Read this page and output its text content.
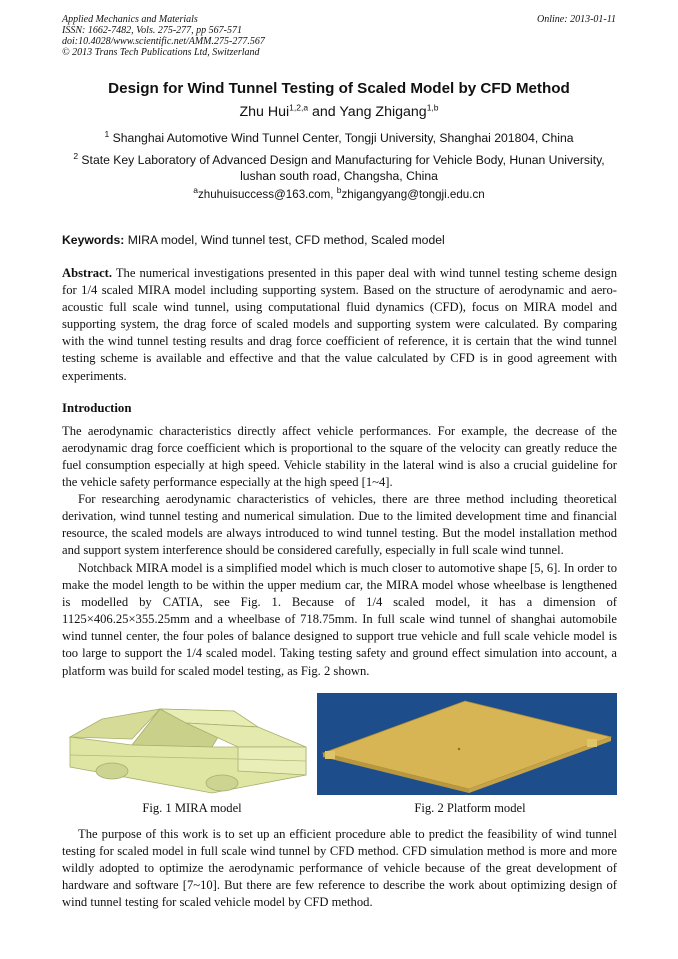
Applied Mechanics and Materials
ISSN: 1662-7482, Vols. 275-277, pp 567-571
doi:10.4028/www.scientific.net/AMM.275-277.567
© 2013 Trans Tech Publications Ltd, Switzerland
Online: 2013-01-11
Design for Wind Tunnel Testing of Scaled Model by CFD Method
Zhu Hui$^{1,2,a}$ and Yang Zhigang$^{1,b}$
$^1$ Shanghai Automotive Wind Tunnel Center, Tongji University, Shanghai 201804, China
$^2$ State Key Laboratory of Advanced Design and Manufacturing for Vehicle Body, Hunan University, lushan south road, Changsha, China
$^a$zhuhuisuccess@163.com, $^b$zhigangyang@tongji.edu.cn
Keywords: MIRA model, Wind tunnel test, CFD method, Scaled model
Abstract. The numerical investigations presented in this paper deal with wind tunnel testing scheme design for 1/4 scaled MIRA model including supporting system. Based on the structure of aerodynamic and aero-acoustic full scale wind tunnel, using computational fluid dynamics (CFD), focus on MIRA model and supporting system, the drag force of scaled models and supporting system were calculated. By comparing with the wind tunnel testing results and drag force coefficient of reference, it is certain that the wind tunnel testing scheme is available and effective and that the value calculated by CFD is in good agreement with experiments.
Introduction
The aerodynamic characteristics directly affect vehicle performances. For example, the decrease of the aerodynamic drag force coefficient which is proportional to the square of the velocity can greatly reduce the fuel consumption especially at high speed. Vehicle stability in the lateral wind is also a crucial guideline for the vehicle safety performance especially at the high speed [1~4].
For researching aerodynamic characteristics of vehicles, there are three method including theoretical derivation, wind tunnel testing and numerical simulation. Due to the limited development time and financial resource, the scaled models are always introduced to wind tunnel testing. But the model installation method and support system interference should be considered carefully, especially in full scale wind tunnel.
Notchback MIRA model is a simplified model which is much closer to automotive shape [5, 6]. In order to make the model length to be within the upper medium car, the MIRA model whose wheelbase is lengthened is modelled by CATIA, see Fig. 1. Because of 1/4 scaled model, it has a dimension of 1125×406.25×355.25mm and a wheelbase of 718.75mm. In full scale wind tunnel of shanghai automobile wind tunnel center, the four poles of balance designed to support true vehicle and full scale vehicle model is too large to support the 1/4 scaled model. Taking testing safety and ground effect simulation into account, a platform was build for scaled model testing, as Fig. 2 shown.
Fig. 1 MIRA model	Fig. 2 Platform model
The purpose of this work is to set up an efficient procedure able to predict the feasibility of wind tunnel testing for scaled model in full scale wind tunnel by CFD method. CFD simulation method is more and more wildly adopted to optimize the aerodynamic performance of vehicle because of the great development of hardware and software [7~10]. But there are few reference to describe the work about optimizing design of wind tunnel testing for scaled vehicle model by CFD method.
